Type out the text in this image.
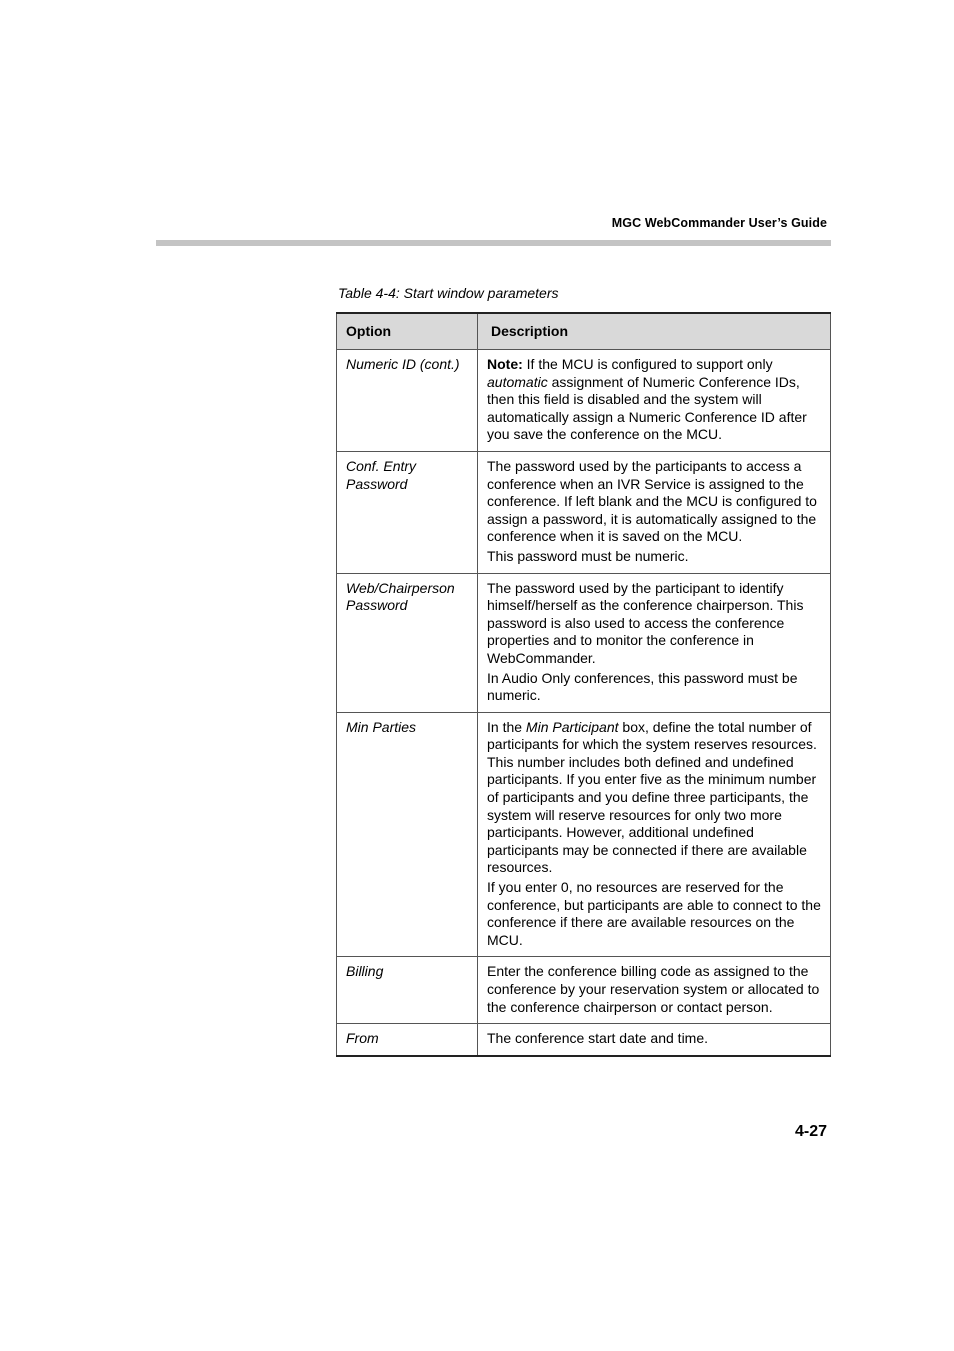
MGC WebCommander User’s Guide
Table 4-4: Start window parameters
Option	Description
Numeric ID (cont.)	Note: If the MCU is configured to support only automatic assignment of Numeric Conference IDs, then this field is disabled and the system will automatically assign a Numeric Conference ID after you save the conference on the MCU.

Conf. Entry Password	The password used by the participants to access a conference when an IVR Service is assigned to the conference. If left blank and the MCU is configured to assign a password, it is automatically assigned to the conference when it is saved on the MCU.

This password must be numeric.

Web/Chairperson Password	The password used by the participant to identify himself/herself as the conference chairperson. This password is also used to access the conference properties and to monitor the conference in WebCommander.

In Audio Only conferences, this password must be numeric.

Min Parties	In the Min Participant box, define the total number of participants for which the system reserves resources. This number includes both defined and undefined participants. If you enter five as the minimum number of participants and you define three participants, the system will reserve resources for only two more participants. However, additional undefined participants may be connected if there are available resources.

If you enter 0, no resources are reserved for the conference, but participants are able to connect to the conference if there are available resources on the MCU.

Billing	Enter the conference billing code as assigned to the conference by your reservation system or allocated to the conference chairperson or contact person.

From	The conference start date and time.

4-27
